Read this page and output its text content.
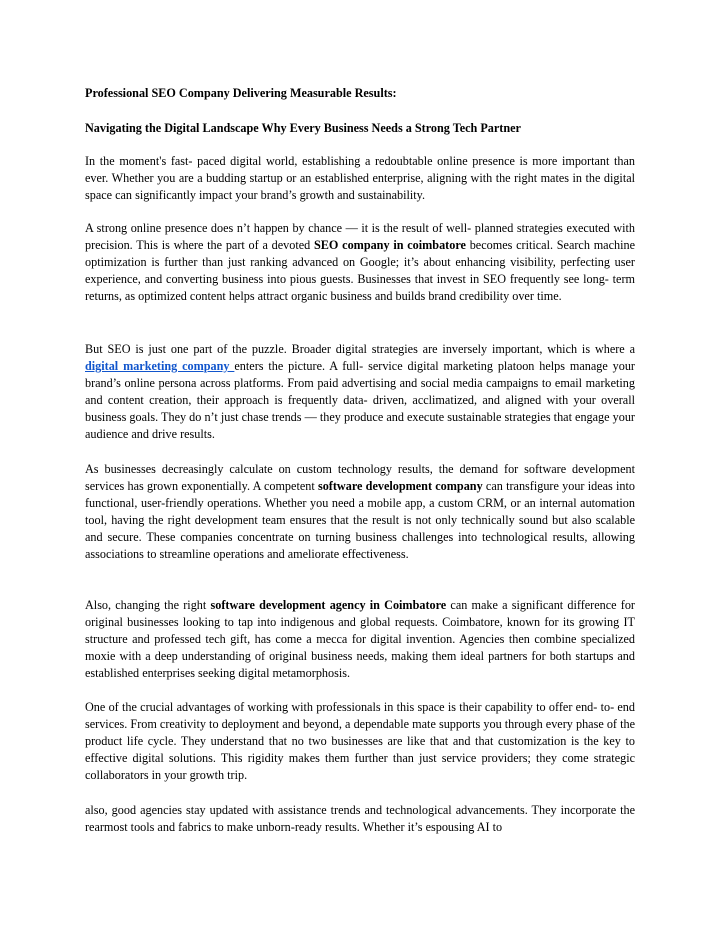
Professional SEO Company Delivering Measurable Results:

Navigating the Digital Landscape Why Every Business Needs a Strong Tech Partner

In the moment's fast- paced digital world, establishing a redoubtable online presence is more important than ever. Whether you are a budding startup or an established enterprise, aligning with the right mates in the digital space can significantly impact your brand’s growth and sustainability.

A strong online presence does n’t happen by chance — it is the result of well- planned strategies executed with precision. This is where the part of a devoted SEO company in coimbatore becomes critical. Search machine optimization is further than just ranking advanced on Google; it’s about enhancing visibility, perfecting user experience, and converting business into pious guests. Businesses that invest in SEO frequently see long- term returns, as optimized content helps attract organic business and builds brand credibility over time.

But SEO is just one part of the puzzle. Broader digital strategies are inversely important, which is where a digital marketing company enters the picture. A full- service digital marketing platoon helps manage your brand’s online persona across platforms. From paid advertising and social media campaigns to email marketing and content creation, their approach is frequently data- driven, acclimatized, and aligned with your overall business goals. They do n’t just chase trends — they produce and execute sustainable strategies that engage your audience and drive results.

As businesses decreasingly calculate on custom technology results, the demand for software development services has grown exponentially. A competent software development company can transfigure your ideas into functional, user-friendly operations. Whether you need a mobile app, a custom CRM, or an internal automation tool, having the right development team ensures that the result is not only technically sound but also scalable and secure. These companies concentrate on turning business challenges into technological results, allowing associations to streamline operations and ameliorate effectiveness.

Also, changing the right software development agency in Coimbatore can make a significant difference for original businesses looking to tap into indigenous and global requests. Coimbatore, known for its growing IT structure and professed tech gift, has come a mecca for digital invention. Agencies then combine specialized moxie with a deep understanding of original business needs, making them ideal partners for both startups and established enterprises seeking digital metamorphosis.

One of the crucial advantages of working with professionals in this space is their capability to offer end- to- end services. From creativity to deployment and beyond, a dependable mate supports you through every phase of the product life cycle. They understand that no two businesses are like that and that customization is the key to effective digital solutions. This rigidity makes them further than just service providers; they come strategic collaborators in your growth trip.

also, good agencies stay updated with assistance trends and technological advancements. They incorporate the rearmost tools and fabrics to make unborn-ready results. Whether it’s espousing AI to
